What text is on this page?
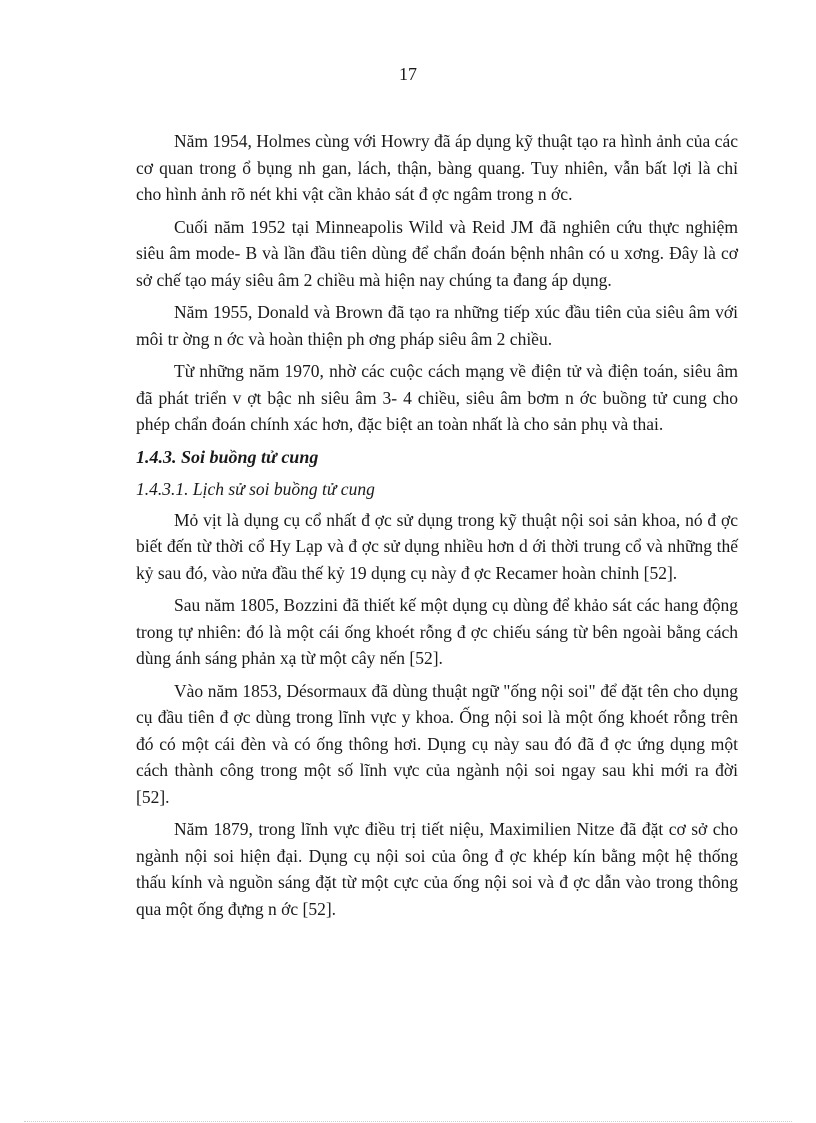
17

Năm 1954, Holmes cùng với Howry đã áp dụng kỹ thuật tạo ra hình ảnh của các cơ quan trong ổ bụng nh gan, lách, thận, bàng quang. Tuy nhiên, vẫn bất lợi là chỉ cho hình ảnh rõ nét khi vật cần khảo sát đ ợc ngâm trong n ớc.

Cuối năm 1952 tại Minneapolis Wild và Reid JM đã nghiên cứu thực nghiệm siêu âm mode- B và lần đầu tiên dùng để chẩn đoán bệnh nhân có u xơng. Đây là cơ sở chế tạo máy siêu âm 2 chiều mà hiện nay chúng ta đang áp dụng.

Năm 1955, Donald và Brown đã tạo ra những tiếp xúc đầu tiên của siêu âm với môi tr ờng n ớc và hoàn thiện ph ơng pháp siêu âm 2 chiều.

Từ những năm 1970, nhờ các cuộc cách mạng về điện tử và điện toán, siêu âm đã phát triển v ợt bậc nh siêu âm 3- 4 chiều, siêu âm bơm n ớc buồng tử cung cho phép chẩn đoán chính xác hơn, đặc biệt an toàn nhất là cho sản phụ và thai.

1.4.3. Soi buồng tử cung
1.4.3.1. Lịch sử soi buồng tử cung

Mỏ vịt là dụng cụ cổ nhất đ ợc sử dụng trong kỹ thuật nội soi sản khoa, nó đ ợc biết đến từ thời cổ Hy Lạp và đ ợc sử dụng nhiều hơn d ới thời trung cổ và những thế kỷ sau đó, vào nửa đầu thế kỷ 19 dụng cụ này đ ợc Recamer hoàn chỉnh [52].

Sau năm 1805, Bozzini đã thiết kế một dụng cụ dùng để khảo sát các hang động trong tự nhiên: đó là một cái ống khoét rỗng đ ợc chiếu sáng từ bên ngoài bằng cách dùng ánh sáng phản xạ từ một cây nến [52].

Vào năm 1853, Désormaux đã dùng thuật ngữ "ống nội soi" để đặt tên cho dụng cụ đầu tiên đ ợc dùng trong lĩnh vực y khoa. Ống nội soi là một ống khoét rỗng trên đó có một cái đèn và có ống thông hơi. Dụng cụ này sau đó đã đ ợc ứng dụng một cách thành công trong một số lĩnh vực của ngành nội soi ngay sau khi mới ra đời [52].

Năm 1879, trong lĩnh vực điều trị tiết niệu, Maximilien Nitze đã đặt cơ sở cho ngành nội soi hiện đại. Dụng cụ nội soi của ông đ ợc khép kín bằng một hệ thống thấu kính và nguồn sáng đặt từ một cực của ống nội soi và đ ợc dẫn vào trong thông qua một ống đựng n ớc [52].
